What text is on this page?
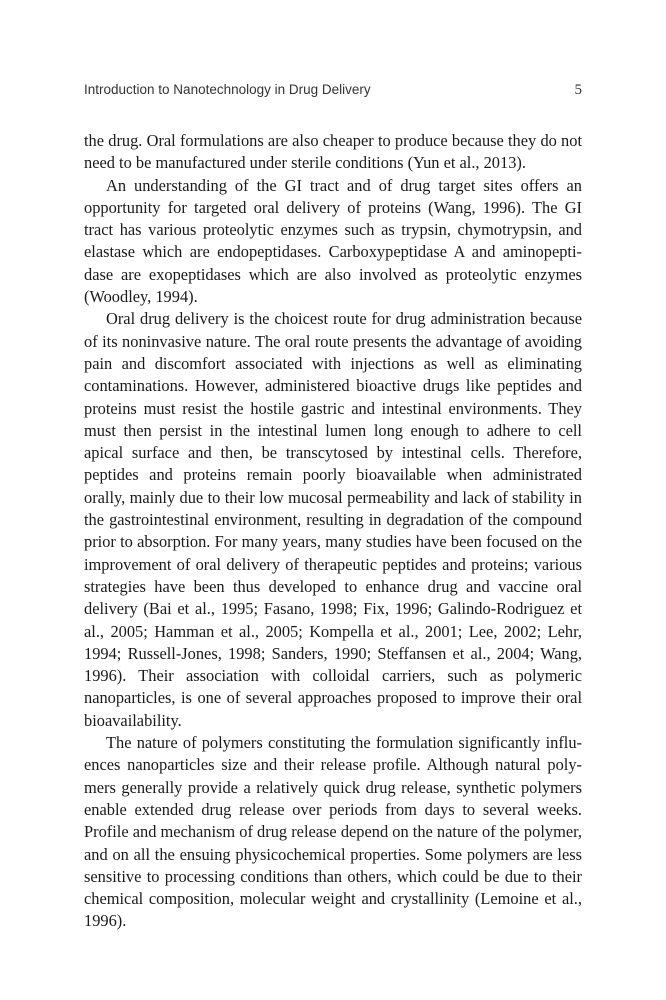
Introduction to Nanotechnology in Drug Delivery	5

the drug. Oral formulations are also cheaper to produce because they do not need to be manufactured under sterile conditions (Yun et al., 2013).

An understanding of the GI tract and of drug target sites offers an opportunity for targeted oral delivery of proteins (Wang, 1996). The GI tract has various proteolytic enzymes such as trypsin, chymotrypsin, and elastase which are endopeptidases. Carboxypeptidase A and aminopeptidase are exopeptidases which are also involved as proteolytic enzymes (Woodley, 1994).

Oral drug delivery is the choicest route for drug administration because of its noninvasive nature. The oral route presents the advantage of avoiding pain and discomfort associated with injections as well as eliminating contaminations. However, administered bioactive drugs like peptides and proteins must resist the hostile gastric and intestinal environments. They must then persist in the intestinal lumen long enough to adhere to cell apical surface and then, be transcytosed by intestinal cells. Therefore, peptides and proteins remain poorly bioavailable when administrated orally, mainly due to their low mucosal permeability and lack of stability in the gastrointestinal environment, resulting in degradation of the compound prior to absorption. For many years, many studies have been focused on the improvement of oral delivery of therapeutic peptides and proteins; various strategies have been thus developed to enhance drug and vaccine oral delivery (Bai et al., 1995; Fasano, 1998; Fix, 1996; Galindo-Rodriguez et al., 2005; Hamman et al., 2005; Kompella et al., 2001; Lee, 2002; Lehr, 1994; Russell-Jones, 1998; Sanders, 1990; Steffansen et al., 2004; Wang, 1996). Their association with colloidal carriers, such as polymeric nanoparticles, is one of several approaches proposed to improve their oral bioavailability.

The nature of polymers constituting the formulation significantly influences nanoparticles size and their release profile. Although natural polymers generally provide a relatively quick drug release, synthetic polymers enable extended drug release over periods from days to several weeks. Profile and mechanism of drug release depend on the nature of the polymer, and on all the ensuing physicochemical properties. Some polymers are less sensitive to processing conditions than others, which could be due to their chemical composition, molecular weight and crystallinity (Lemoine et al., 1996).
